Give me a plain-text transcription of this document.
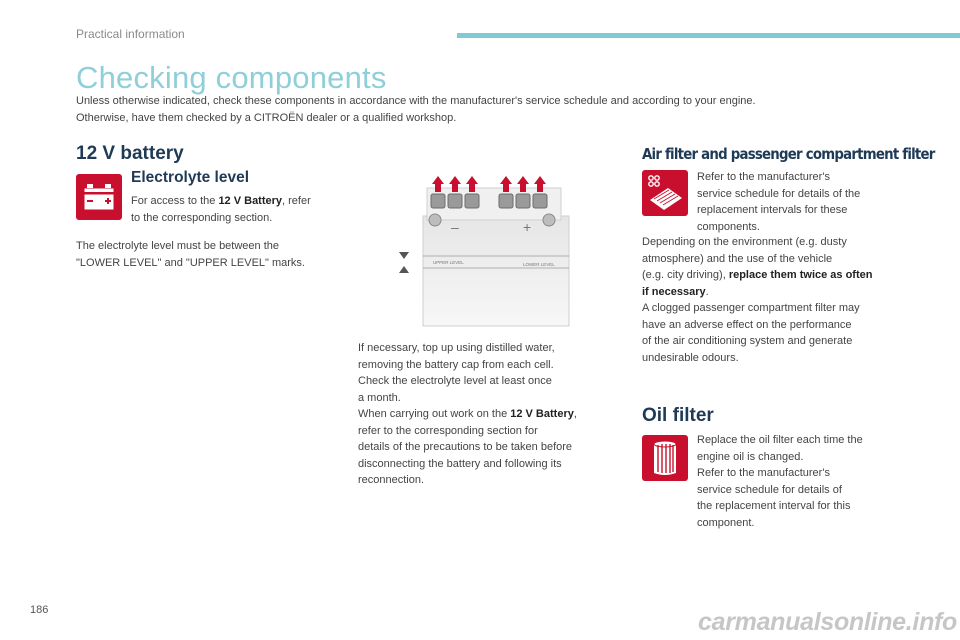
Practical information
Checking components
Unless otherwise indicated, check these components in accordance with the manufacturer's service schedule and according to your engine.
Otherwise, have them checked by a CITROËN dealer or a qualified workshop.
12 V battery
Electrolyte level
For access to the 12 V Battery, refer
to the corresponding section.
The electrolyte level must be between the
"LOWER LEVEL" and "UPPER LEVEL" marks.
–	+
UPPER LEVEL	LOWER LEVEL
If necessary, top up using distilled water,
removing the battery cap from each cell.
Check the electrolyte level at least once
a month.
When carrying out work on the 12 V Battery,
refer to the corresponding section for
details of the precautions to be taken before
disconnecting the battery and following its
reconnection.
Air filter and passenger compartment filter
Refer to the manufacturer's
service schedule for details of the
replacement intervals for these
components.
Depending on the environment (e.g. dusty
atmosphere) and the use of the vehicle
(e.g. city driving), replace them twice as often
if necessary.
A clogged passenger compartment filter may
have an adverse effect on the performance
of the air conditioning system and generate
undesirable odours.
Oil filter
Replace the oil filter each time the
engine oil is changed.
Refer to the manufacturer's
service schedule for details of
the replacement interval for this
component.
186	carmanualsonline.info
